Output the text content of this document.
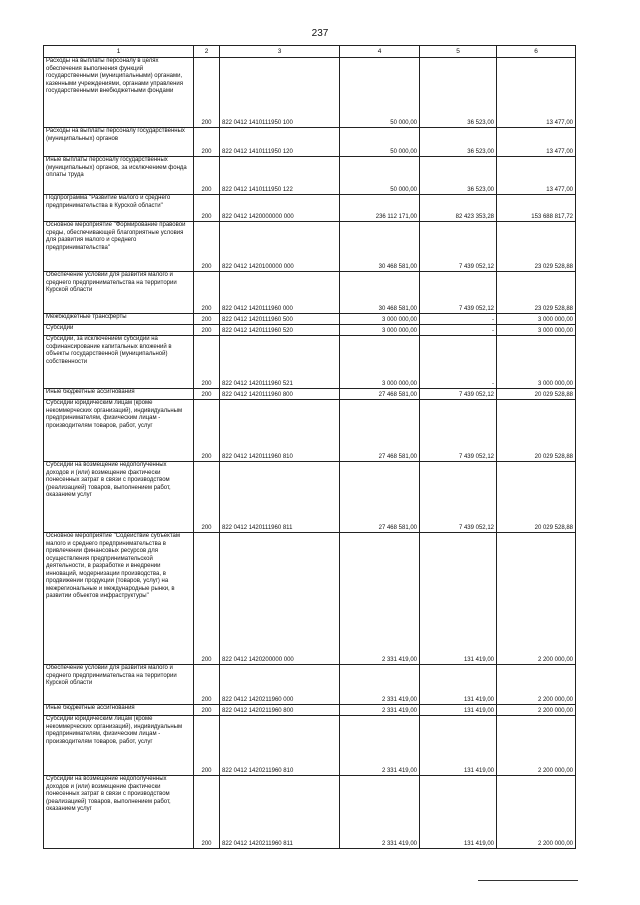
237
1	2	3	4	5	6
Расходы на выплаты персоналу в целях обеспечения выполнения функций государственными (муниципальными) органами, казенными учреждениями, органами управления государственными внебюджетными фондами	200	822 0412 1410111950 100	50 000,00	36 523,00	13 477,00
Расходы на выплаты персоналу государственных (муниципальных) органов	200	822 0412 1410111950 120	50 000,00	36 523,00	13 477,00
Иные выплаты персоналу государственных (муниципальных) органов, за исключением фонда оплаты труда	200	822 0412 1410111950 122	50 000,00	36 523,00	13 477,00
Подпрограмма "Развитие малого и среднего предпринимательства в Курской области"	200	822 0412 1420000000 000	236 112 171,00	82 423 353,28	153 688 817,72
Основное мероприятие "Формирование правовой среды, обеспечивающей благоприятные условия для развития малого и среднего предпринимательства"	200	822 0412 1420100000 000	30 468 581,00	7 439 052,12	23 029 528,88
Обеспечение условий для развития малого и среднего предпринимательства на территории Курской области	200	822 0412 1420111960 000	30 468 581,00	7 439 052,12	23 029 528,88
Межбюджетные трансферты	200	822 0412 1420111960 500	3 000 000,00	-	3 000 000,00
Субсидии	200	822 0412 1420111960 520	3 000 000,00	-	3 000 000,00
Субсидии, за исключением субсидий на софинансирование капитальных вложений в объекты государственной (муниципальной) собственности	200	822 0412 1420111960 521	3 000 000,00	-	3 000 000,00
Иные бюджетные ассигнования	200	822 0412 1420111960 800	27 468 581,00	7 439 052,12	20 029 528,88
Субсидии юридическим лицам (кроме некоммерческих организаций), индивидуальным предпринимателям, физическим лицам - производителям товаров, работ, услуг	200	822 0412 1420111960 810	27 468 581,00	7 439 052,12	20 029 528,88
Субсидии на возмещение недополученных доходов и (или) возмещение фактически понесенных затрат в связи с производством (реализацией) товаров, выполнением работ, оказанием услуг	200	822 0412 1420111960 811	27 468 581,00	7 439 052,12	20 029 528,88
Основное мероприятие "Содействие субъектам малого и среднего предпринимательства в привлечении финансовых ресурсов для осуществления предпринимательской деятельности, в разработке и внедрении инноваций, модернизации производства, в продвижении продукции (товаров, услуг) на межрегиональные и международные рынки, в развитии объектов инфраструктуры"	200	822 0412 1420200000 000	2 331 419,00	131 419,00	2 200 000,00
Обеспечение условий для развития малого и среднего предпринимательства на территории Курской области	200	822 0412 1420211960 000	2 331 419,00	131 419,00	2 200 000,00
Иные бюджетные ассигнования	200	822 0412 1420211960 800	2 331 419,00	131 419,00	2 200 000,00
Субсидии юридическим лицам (кроме некоммерческих организаций), индивидуальным предпринимателям, физическим лицам - производителям товаров, работ, услуг	200	822 0412 1420211960 810	2 331 419,00	131 419,00	2 200 000,00
Субсидии на возмещение недополученных доходов и (или) возмещение фактически понесенных затрат в связи с производством (реализацией) товаров, выполнением работ, оказанием услуг	200	822 0412 1420211960 811	2 331 419,00	131 419,00	2 200 000,00
